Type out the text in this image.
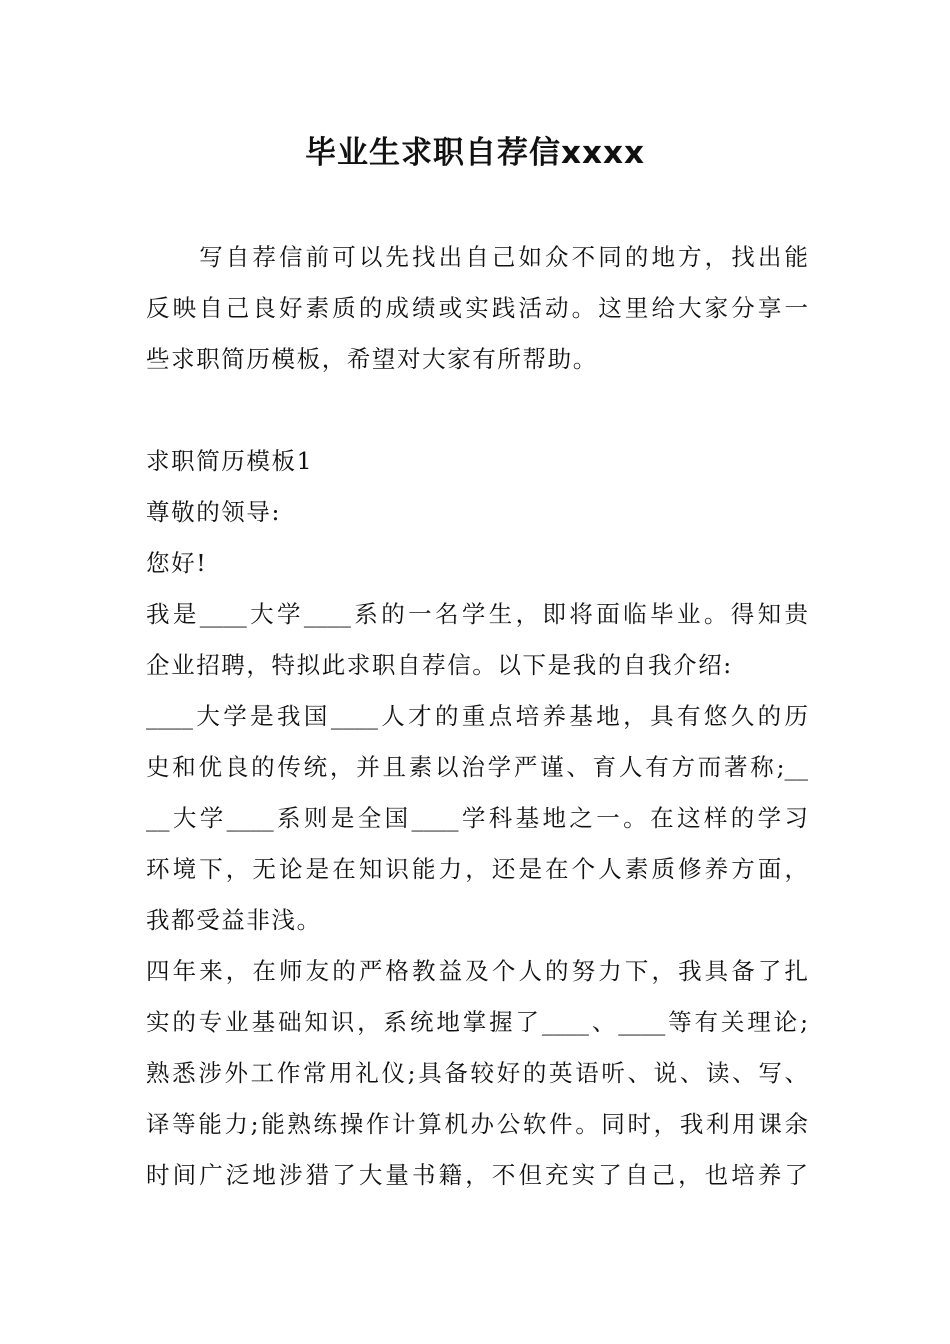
毕业生求职自荐信xxxx
　　写自荐信前可以先找出自己如众不同的地方，找出能
反映自己良好素质的成绩或实践活动。这里给大家分享一
些求职简历模板，希望对大家有所帮助。
求职简历模板1
尊敬的领导:
您好!
我是____大学____系的一名学生，即将面临毕业。得知贵
企业招聘，特拟此求职自荐信。以下是我的自我介绍:
____大学是我国____人才的重点培养基地，具有悠久的历
史和优良的传统，并且素以治学严谨、育人有方而著称;__
__大学____系则是全国____学科基地之一。在这样的学习
环境下，无论是在知识能力，还是在个人素质修养方面，
我都受益非浅。
四年来，在师友的严格教益及个人的努力下，我具备了扎
实的专业基础知识，系统地掌握了____、____等有关理论;
熟悉涉外工作常用礼仪;具备较好的英语听、说、读、写、
译等能力;能熟练操作计算机办公软件。同时，我利用课余
时间广泛地涉猎了大量书籍，不但充实了自己，也培养了
